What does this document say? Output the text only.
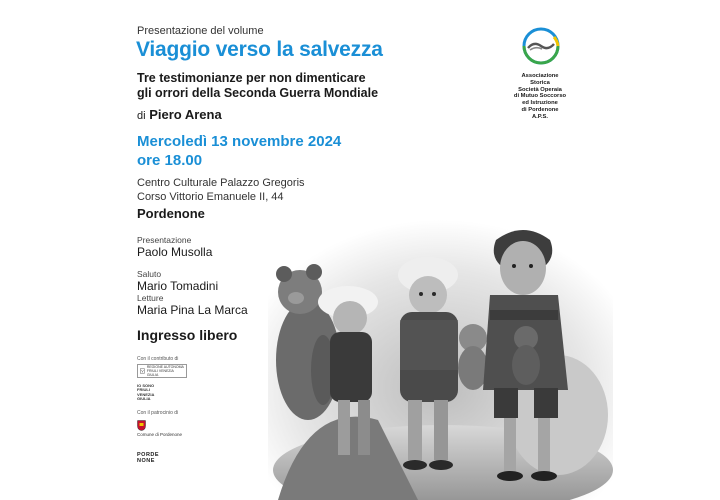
Presentazione del volume
Viaggio verso la salvezza
Tre testimonianze per non dimenticare
gli orrori della Seconda Guerra Mondiale
di Piero Arena
Mercoledì 13 novembre 2024
ore 18.00
Centro Culturale Palazzo Gregoris
Corso Vittorio Emanuele II, 44
Pordenone
Presentazione
Paolo Musolla
Saluto
Mario Tomadini
Letture
Maria Pina La Marca
Ingresso libero
Con il contributo di
REGIONE AUTONOMA FRIULI VENEZIA GIULIA
IO SONO
FRIULI
VENEZIA
GIULIA
Con il patrocinio di
Comune di Pordenone
PORDE
NONE
Associazione
Storica
Società Operaia
di Mutuo Soccorso
ed Istruzione
di Pordenone
A.P.S.
